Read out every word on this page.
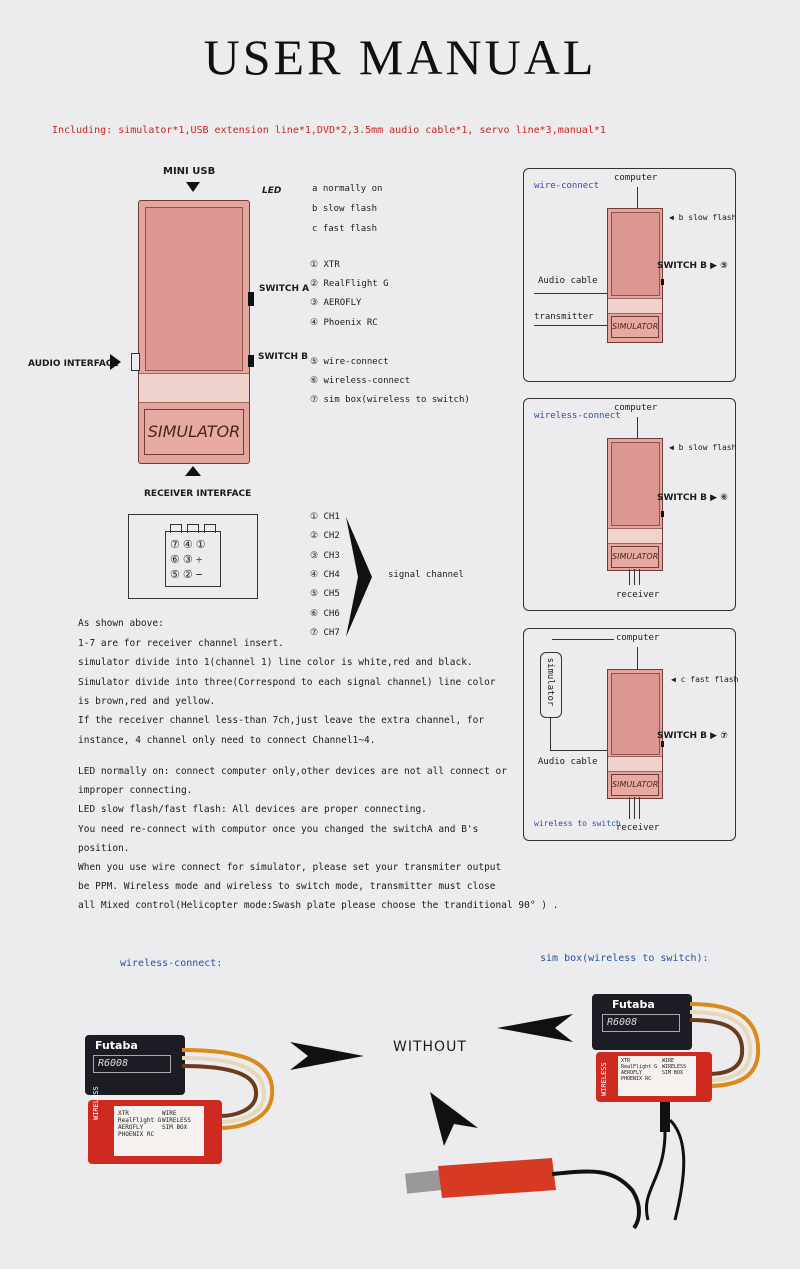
USER MANUAL
Including: simulator*1,USB extension line*1,DVD*2,3.5mm audio cable*1, servo line*3,manual*1
MINI USB
LED
SIMULATOR
SWITCH A
SWITCH B
AUDIO INTERFACE
RECEIVER INTERFACE
a normally on
b slow flash
c fast flash
① XTR
② RealFlight G
③ AEROFLY
④ Phoenix RC
⑤ wire-connect
⑥ wireless-connect
⑦ sim box(wireless to switch)
⑦④①
⑥③+
⑤②−
① CH1
② CH2
③ CH3
④ CH4
⑤ CH5
⑥ CH6
⑦ CH7
signal channel
As shown above:
1-7 are for receiver channel insert.
simulator divide into 1(channel 1) line color is white,red and black.
Simulator divide into three(Correspond to each signal channel) line color
is brown,red and yellow.
If the receiver channel less-than 7ch,just leave the extra channel, for
instance, 4 channel only need to connect Channel1~4.
LED normally on: connect computer only,other devices are not all connect or
improper connecting.
LED slow flash/fast flash: All devices are proper connecting.
You need re-connect with computor once you changed the switchA and B's
position.
When you use wire connect for simulator, please set your transmiter output
be PPM. Wireless mode and wireless to switch mode, transmitter must close
all Mixed control(Helicopter mode:Swash plate please choose the tranditional 90° ) .
wire-connect
computer
SIMULATOR
◀ b slow flash
SWITCH B ▶ ⑤
Audio cable
transmitter
wireless-connect
computer
SIMULATOR
◀ b slow flash
SWITCH B ▶ ⑥
receiver
computer
simulator
SIMULATOR
◀ c fast flash
SWITCH B ▶ ⑦
Audio cable
receiver
wireless to switch
wireless-connect:	sim box(wireless to switch):
WITHOUT
Futaba
R6008
WIRELESS	XTR
RealFlight G
AEROFLY
PHOENIX RC
WIRE
WIRELESS
SIM BOX
Futaba
R6008
WIRELESS
XTR
RealFlight G
AEROFLY
PHOENIX RC
WIRE
WIRELESS
SIM BOX
